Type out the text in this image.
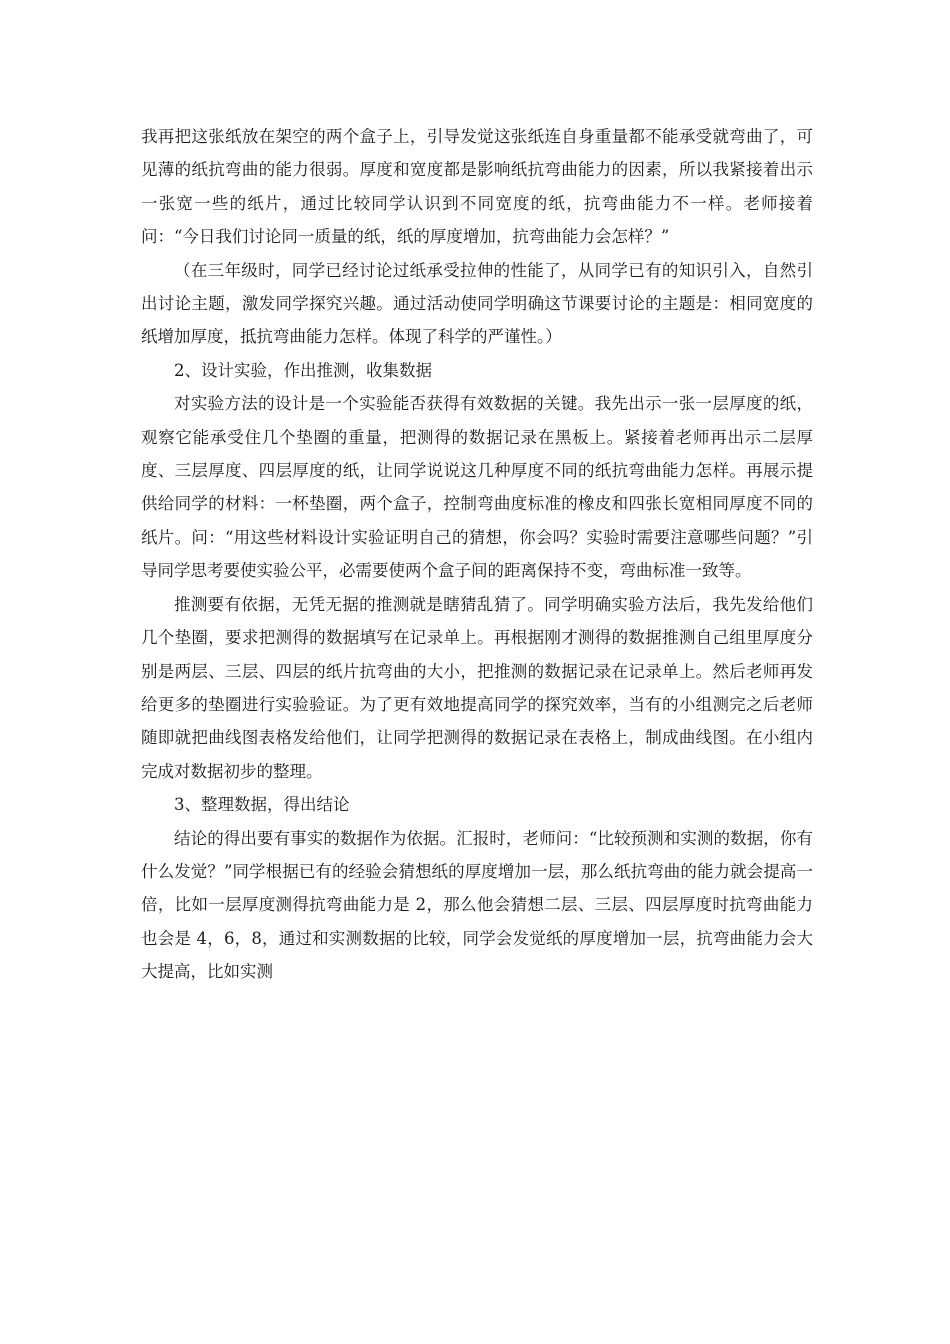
我再把这张纸放在架空的两个盒子上，引导发觉这张纸连自身重量都不能承受就弯曲了，可见薄的纸抗弯曲的能力很弱。厚度和宽度都是影响纸抗弯曲能力的因素，所以我紧接着出示一张宽一些的纸片，通过比较同学认识到不同宽度的纸，抗弯曲能力不一样。老师接着问：“今日我们讨论同一质量的纸，纸的厚度增加，抗弯曲能力会怎样？”

（在三年级时，同学已经讨论过纸承受拉伸的性能了，从同学已有的知识引入，自然引出讨论主题，激发同学探究兴趣。通过活动使同学明确这节课要讨论的主题是：相同宽度的纸增加厚度，抵抗弯曲能力怎样。体现了科学的严谨性。）

2、设计实验，作出推测，收集数据

对实验方法的设计是一个实验能否获得有效数据的关键。我先出示一张一层厚度的纸，观察它能承受住几个垫圈的重量，把测得的数据记录在黑板上。紧接着老师再出示二层厚度、三层厚度、四层厚度的纸，让同学说说这几种厚度不同的纸抗弯曲能力怎样。再展示提供给同学的材料：一杯垫圈，两个盒子，控制弯曲度标准的橡皮和四张长宽相同厚度不同的纸片。问：“用这些材料设计实验证明自己的猜想，你会吗？实验时需要注意哪些问题？”引导同学思考要使实验公平，必需要使两个盒子间的距离保持不变，弯曲标准一致等。

推测要有依据，无凭无据的推测就是瞎猜乱猜了。同学明确实验方法后，我先发给他们几个垫圈，要求把测得的数据填写在记录单上。再根据刚才测得的数据推测自己组里厚度分别是两层、三层、四层的纸片抗弯曲的大小，把推测的数据记录在记录单上。然后老师再发给更多的垫圈进行实验验证。为了更有效地提高同学的探究效率，当有的小组测完之后老师随即就把曲线图表格发给他们，让同学把测得的数据记录在表格上，制成曲线图。在小组内完成对数据初步的整理。

3、整理数据，得出结论

结论的得出要有事实的数据作为依据。汇报时，老师问：“比较预测和实测的数据，你有什么发觉？”同学根据已有的经验会猜想纸的厚度增加一层，那么纸抗弯曲的能力就会提高一倍，比如一层厚度测得抗弯曲能力是 2，那么他会猜想二层、三层、四层厚度时抗弯曲能力也会是 4，6，8，通过和实测数据的比较，同学会发觉纸的厚度增加一层，抗弯曲能力会大大提高，比如实测
